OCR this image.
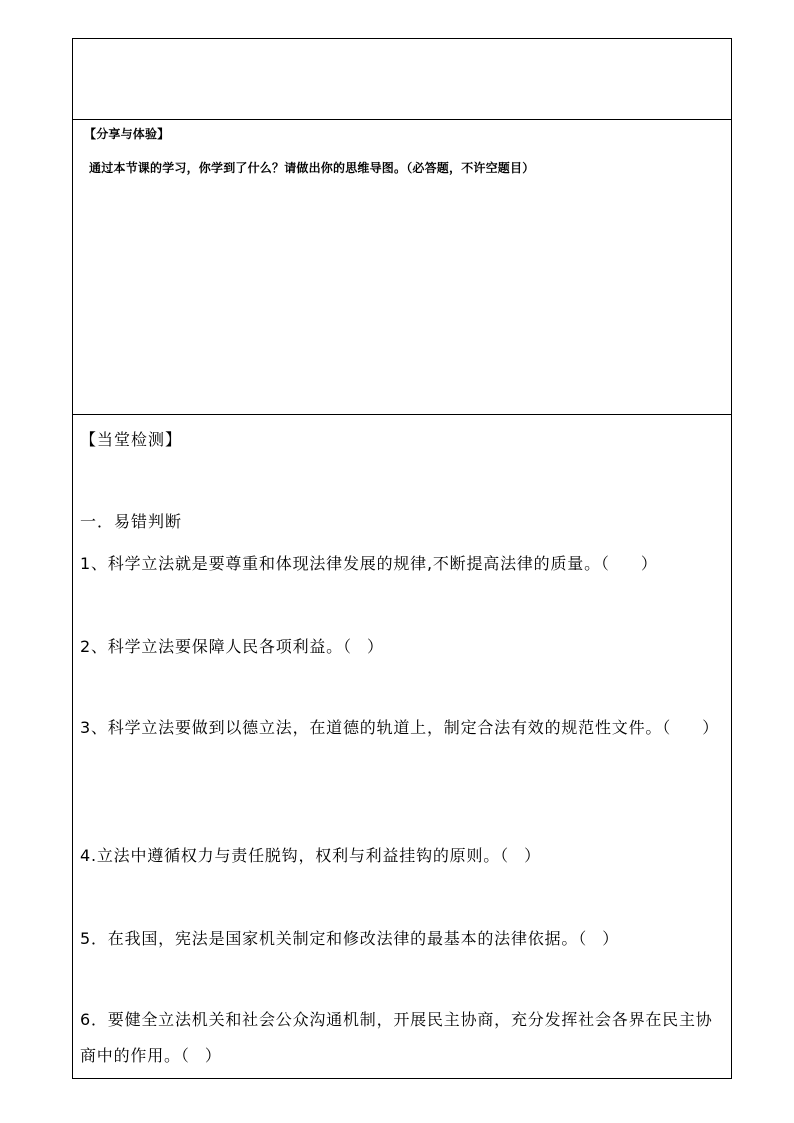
【分享与体验】
通过本节课的学习，你学到了什么？请做出你的思维导图。（必答题，不许空题目）
【当堂检测】
一．易错判断
1、科学立法就是要尊重和体现法律发展的规律,不断提高法律的质量。（　　）
2、科学立法要保障人民各项利益。（　）
3、科学立法要做到以德立法，在道德的轨道上，制定合法有效的规范性文件。（　　）
4.立法中遵循权力与责任脱钩，权利与利益挂钩的原则。（　）
5．在我国，宪法是国家机关制定和修改法律的最基本的法律依据。（　）
6．要健全立法机关和社会公众沟通机制，开展民主协商，充分发挥社会各界在民主协商中的作用。（　）
